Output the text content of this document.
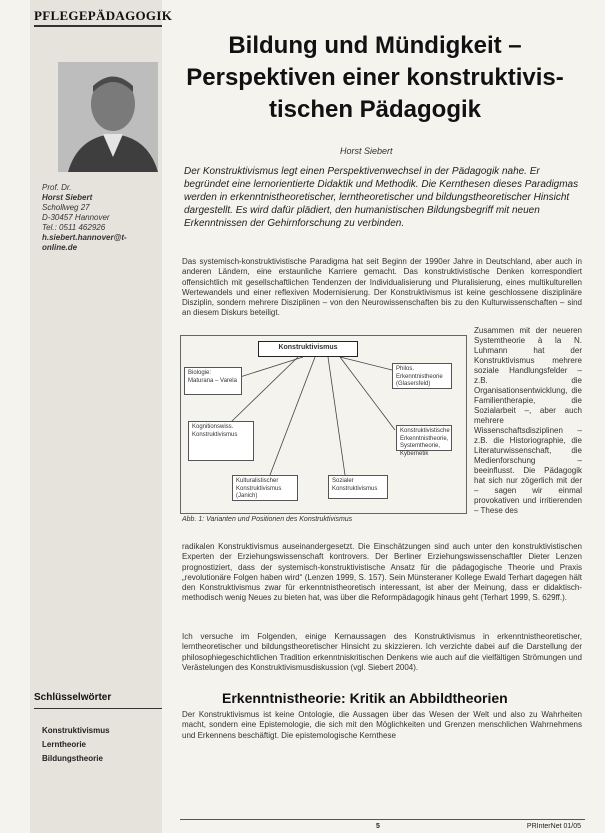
PFLEGEPÄDAGOGIK
Bildung und Mündigkeit –
Perspektiven einer konstruktivis-
tischen Pädagogik
Horst Siebert
Der Konstruktivismus legt einen Perspektivenwechsel in der Pädagogik nahe. Er begründet eine lernorientierte Didaktik und Methodik. Die Kernthesen dieses Paradigmas werden in erkenntnistheoretischer, lerntheoretischer und bildungstheoretischer Hinsicht dargestellt. Es wird dafür plädiert, den humanistischen Bildungsbegriff mit neuen Erkenntnissen der Gehirnforschung zu verbinden.
Prof. Dr.
Horst Siebert
Schollweg 27
D-30457 Hannover
Tel.: 0511 462926
h.siebert.hannover@t-
online.de
Das systemisch-konstruktivistische Paradigma hat seit Beginn der 1990er Jahre in Deutschland, aber auch in anderen Ländern, eine erstaunliche Karriere gemacht. Das konstruktivistische Denken korrespondiert offensichtlich mit gesellschaftlichen Tendenzen der Individualisierung und Pluralisierung, eines multikulturellen Wertewandels und einer reflexiven Modernisierung. Der Konstruktivismus ist keine geschlossene disziplinäre Disziplin, sondern mehrere Disziplinen – von den Neurowissenschaften bis zu den Kulturwissenschaften – sind an diesem Diskurs beteiligt.
Konstruktivismus
Biologie: Maturana – Varela
Philos. Erkenntnistheorie (Glasersfeld)
Kognitionswiss. Konstruktivismus
Konstruktivistische Erkenntnistheorie, Systemtheorie, Kybernetik
Kulturalistischer Konstruktivismus (Janich)
Sozialer Konstruktivismus
Abb. 1: Varianten und Positionen des Konstruktivismus
Zusammen mit der neueren Systemtheorie à la N. Luhmann hat der Konstruktivismus mehrere soziale Handlungsfelder – z.B. die Organisationsentwicklung, die Familientherapie, die Sozialarbeit –, aber auch mehrere Wissenschaftsdisziplinen – z.B. die Historiographie, die Literaturwissenschaft, die Medienforschung – beeinflusst. Die Pädagogik hat sich nur zögerlich mit der – sagen wir einmal provokativen und irritierenden – These des
radikalen Konstruktivismus auseinandergesetzt. Die Einschätzungen sind auch unter den konstruktivistischen Experten der Erziehungswissenschaft kontrovers. Der Berliner Erziehungswissenschaftler Dieter Lenzen prognostiziert, dass der systemisch-konstruktivistische Ansatz für die pädagogische Theorie und Praxis „revolutionäre Folgen haben wird“ (Lenzen 1999, S. 157). Sein Münsteraner Kollege Ewald Terhart dagegen hält den Konstruktivismus zwar für erkenntnistheoretisch interessant, ist aber der Meinung, dass er didaktisch-methodisch wenig Neues zu bieten hat, was über die Reformpädagogik hinaus geht (Terhart 1999, S. 629ff.).
Ich versuche im Folgenden, einige Kernaussagen des Konstruktivismus in erkenntnistheoretischer, lerntheoretischer und bildungstheoretischer Hinsicht zu skizzieren. Ich verzichte dabei auf die Darstellung der philosophiegeschichtlichen Tradition erkenntniskritischen Denkens wie auch auf die vielfältigen Strömungen und Verästelungen des Konstruktivismusdiskussion (vgl. Siebert 2004).
Schlüsselwörter
Konstruktivismus
Lerntheorie
Bildungstheorie
Erkenntnistheorie: Kritik an Abbildtheorien
Der Konstruktivismus ist keine Ontologie, die Aussagen über das Wesen der Welt und also zu Wahrheiten macht, sondern eine Epistemologie, die sich mit den Möglichkeiten und Grenzen menschlichen Wahrnehmens und Erkennens beschäftigt. Die epistemologische Kernthese
5	PRInterNet 01/05
